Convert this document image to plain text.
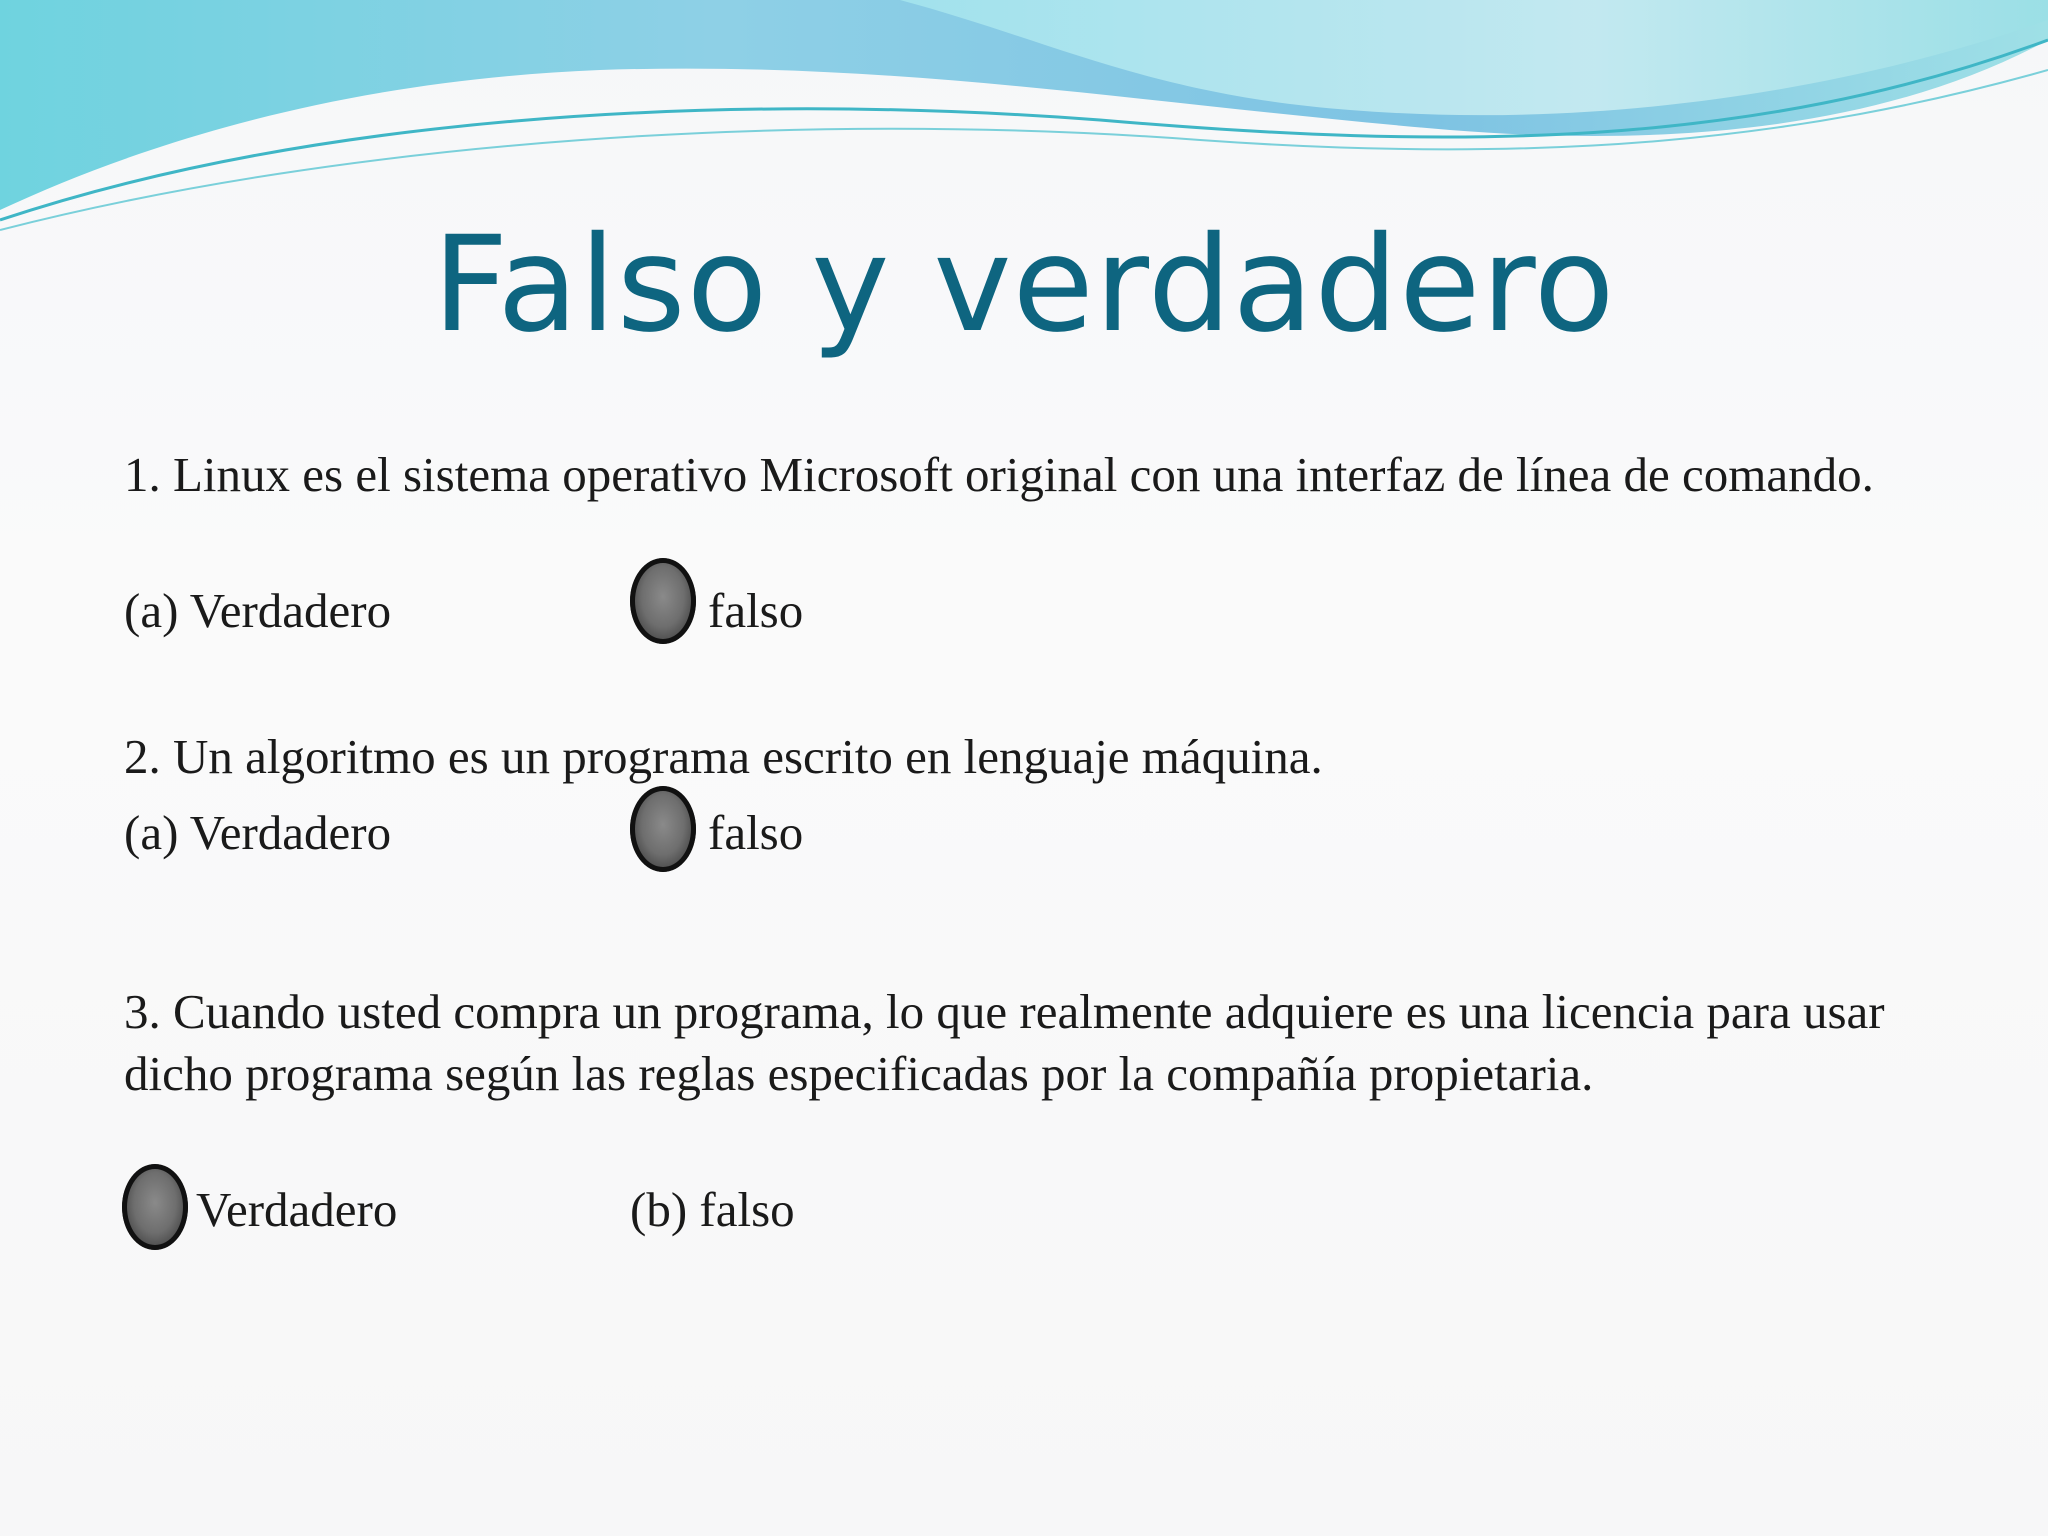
Falso y verdadero
1. Linux es el sistema operativo Microsoft original con una interfaz de línea de comando.
(a) Verdadero	falso
2. Un algoritmo es un programa escrito en lenguaje máquina.
(a) Verdadero	falso
3. Cuando usted compra un programa, lo que realmente adquiere es una licencia para usar dicho programa según las reglas especificadas por la compañía propietaria.
Verdadero	(b) falso
